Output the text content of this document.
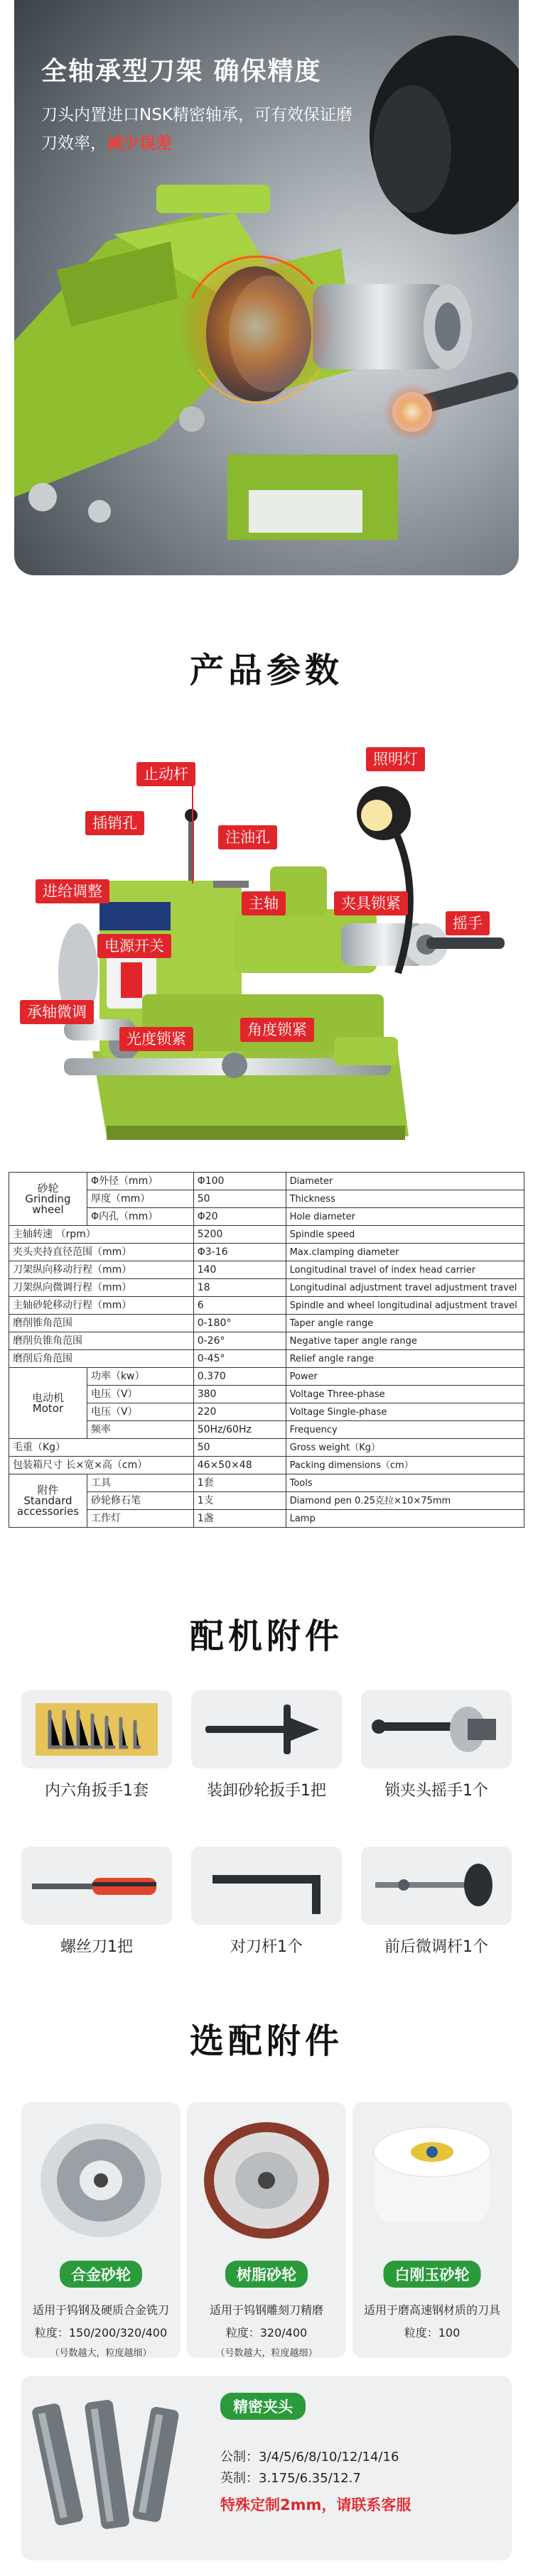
全轴承型刀架 确保精度
刀头内置进口NSK精密轴承，可有效保证磨刀效率，减少误差
产品参数
止动杆
照明灯
插销孔
注油孔
进给调整
主轴	夹具锁紧
摇手
电源开关
承轴微调
光度锁紧
角度锁紧
砂轮
Grinding wheel	Φ外径（mm）	Φ100	Diameter
	厚度（mm）	50	Thickness
	Φ内孔（mm）	Φ20	Hole diameter
主轴转速 （rpm）		5200	Spindle speed
夹头夹持直径范围（mm）		Φ3-16	Max.clamping diameter
刀架纵向移动行程（mm）		140	Longitudinal travel of index head carrier
刀架纵向微调行程（mm）		18	Longitudinal adjustment travel adjustment travel
主轴砂轮移动行程（mm）		6	Spindle and wheel longitudinal adjustment travel
磨削锥角范围		0-180°	Taper angle range
磨削负锥角范围		0-26°	Negative taper angle range
磨削后角范围		0-45°	Relief angle range
电动机
Motor	功率（kw）	0.370	Power
	电压（V）	380	Voltage Three-phase
	电压（V）	220	Voltage Single-phase
	频率	50Hz/60Hz	Frequency
毛重（Kg）		50	Gross weight（Kg）
包装箱尺寸 长×宽×高（cm）		46×50×48	Packing dimensions（cm）
附件
Standard
accessories	工具	1套	Tools
	砂轮修石笔	1支	Diamond pen 0.25克拉×10×75mm
	工作灯	1盏	Lamp
配机附件
内六角扳手1套	装卸砂轮扳手1把	锁夹头摇手1个
螺丝刀1把	对刀杆1个	前后微调杆1个
选配附件
合金砂轮	树脂砂轮	白刚玉砂轮
适用于钨钢及硬质合金铣刀	适用于钨钢雕刻刀精磨	适用于磨高速钢材质的刀具
粒度：150/200/320/400	粒度：320/400	粒度：100
（号数越大，粒度越细）	（号数越大，粒度越细）
精密夹头
公制：3/4/5/6/8/10/12/14/16
英制：3.175/6.35/12.7
特殊定制2mm，请联系客服
